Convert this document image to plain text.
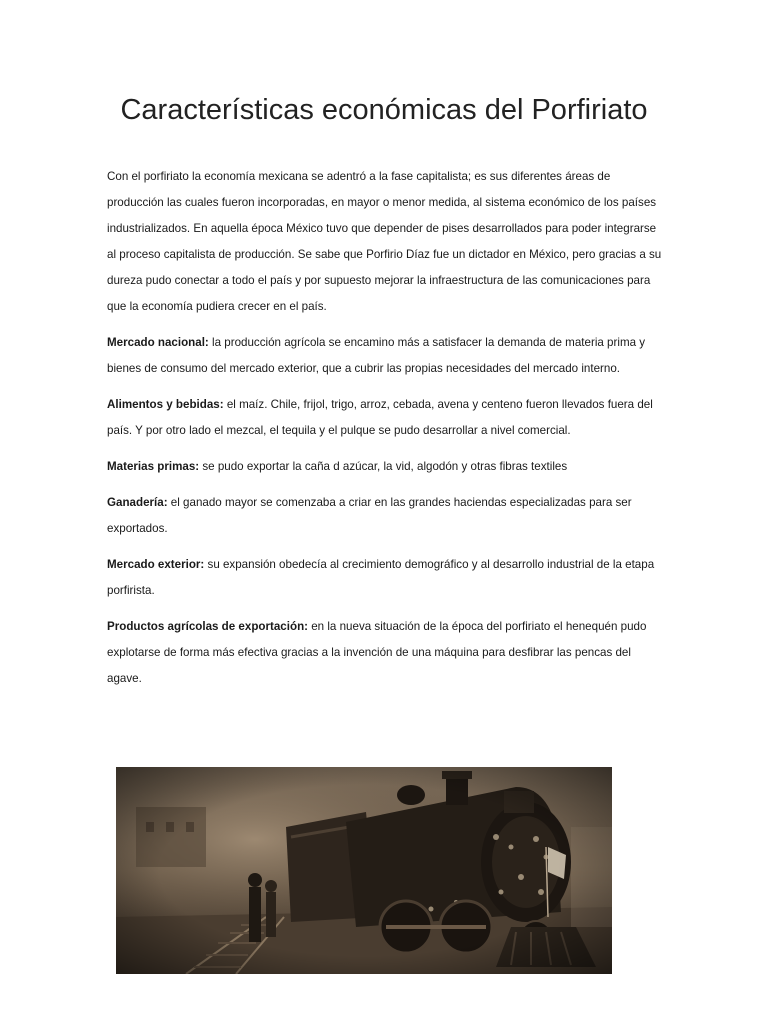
Características económicas del Porfiriato

Con el porfiriato la economía mexicana se adentró a la fase capitalista; es sus diferentes áreas de producción las cuales fueron incorporadas, en mayor o menor medida, al sistema económico de los países industrializados. En aquella época México tuvo que depender de pises desarrollados para poder integrarse al proceso capitalista de producción. Se sabe que Porfirio Díaz fue un dictador en México, pero gracias a su dureza pudo conectar a todo el país y por supuesto mejorar la infraestructura de las comunicaciones para que la economía pudiera crecer en el país.

Mercado nacional: la producción agrícola se encamino más a satisfacer la demanda de materia prima y bienes de consumo del mercado exterior, que a cubrir las propias necesidades del mercado interno.

Alimentos y bebidas: el maíz. Chile, frijol, trigo, arroz, cebada, avena y centeno fueron llevados fuera del país. Y por otro lado el mezcal, el tequila y el pulque se pudo desarrollar a nivel comercial.

Materias primas: se pudo exportar la caña d azúcar, la vid, algodón y otras fibras textiles

Ganadería: el ganado mayor se comenzaba a criar en las grandes haciendas especializadas para ser exportados.

Mercado exterior: su expansión obedecía al crecimiento demográfico y al desarrollo industrial de la etapa porfirista.

Productos agrícolas de exportación: en la nueva situación de la época del porfiriato el henequén pudo explotarse de forma más efectiva gracias a la invención de una máquina para desfibrar las pencas del agave.
